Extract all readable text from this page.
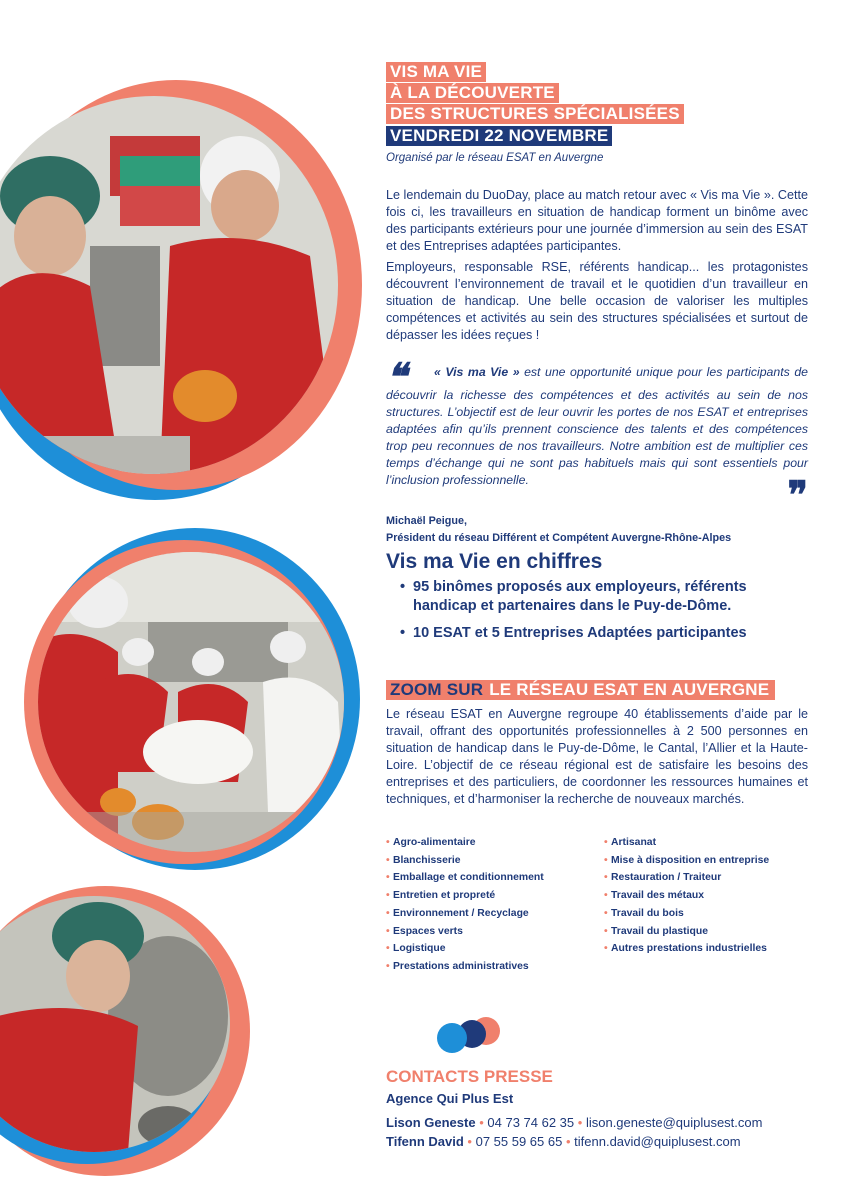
VIS MA VIE
À LA DÉCOUVERTE
DES STRUCTURES SPÉCIALISÉES
VENDREDI 22 NOVEMBRE
Organisé par le réseau ESAT en Auvergne

Le lendemain du DuoDay, place au match retour avec « Vis ma Vie ». Cette fois ci, les travailleurs en situation de handicap forment un binôme avec des participants extérieurs pour une journée d’immersion au sein des ESAT et des Entreprises adaptées participantes.

Employeurs, responsable RSE, référents handicap... les protagonistes découvrent l’environnement de travail et le quotidien d’un travailleur en situation de handicap. Une belle occasion de valoriser les multiples compétences et activités au sein des structures spécialisées et surtout de dépasser les idées reçues !

❝ « Vis ma Vie » est une opportunité unique pour les participants de découvrir la richesse des compétences et des activités au sein de nos structures. L’objectif est de leur ouvrir les portes de nos ESAT et entreprises adaptées afin qu’ils prennent conscience des talents et des compétences trop peu reconnues de nos travailleurs. Notre ambition est de multiplier ces temps d’échange qui ne sont pas habituels mais qui sont essentiels pour l’inclusion professionnelle.	❞
Michaël Peigue,
Président du réseau Différent et Compétent Auvergne-Rhône-Alpes
Vis ma Vie en chiffres
• 95 binômes proposés aux employeurs, référents handicap et partenaires dans le Puy-de-Dôme.
• 10 ESAT et 5 Entreprises Adaptées participantes
ZOOM SUR LE RÉSEAU ESAT EN AUVERGNE

Le réseau ESAT en Auvergne regroupe 40 établissements d’aide par le travail, offrant des opportunités professionnelles à 2 500 personnes en situation de handicap dans le Puy-de-Dôme, le Cantal, l’Allier et la Haute-Loire. L’objectif de ce réseau régional est de satisfaire les besoins des entreprises et des particuliers, de coordonner les ressources humaines et techniques, et d’harmoniser la recherche de nouveaux marchés.

• Agro-alimentaire
• Blanchisserie
• Emballage et conditionnement
• Entretien et propreté
• Environnement / Recyclage
• Espaces verts
• Logistique
• Prestations administratives
• Artisanat
• Mise à disposition en entreprise
• Restauration / Traiteur
• Travail des métaux
• Travail du bois
• Travail du plastique
• Autres prestations industrielles
CONTACTS PRESSE
Agence Qui Plus Est
Lison Geneste • 04 73 74 62 35 • lison.geneste@quiplusest.com
Tifenn David • 07 55 59 65 65 • tifenn.david@quiplusest.com
